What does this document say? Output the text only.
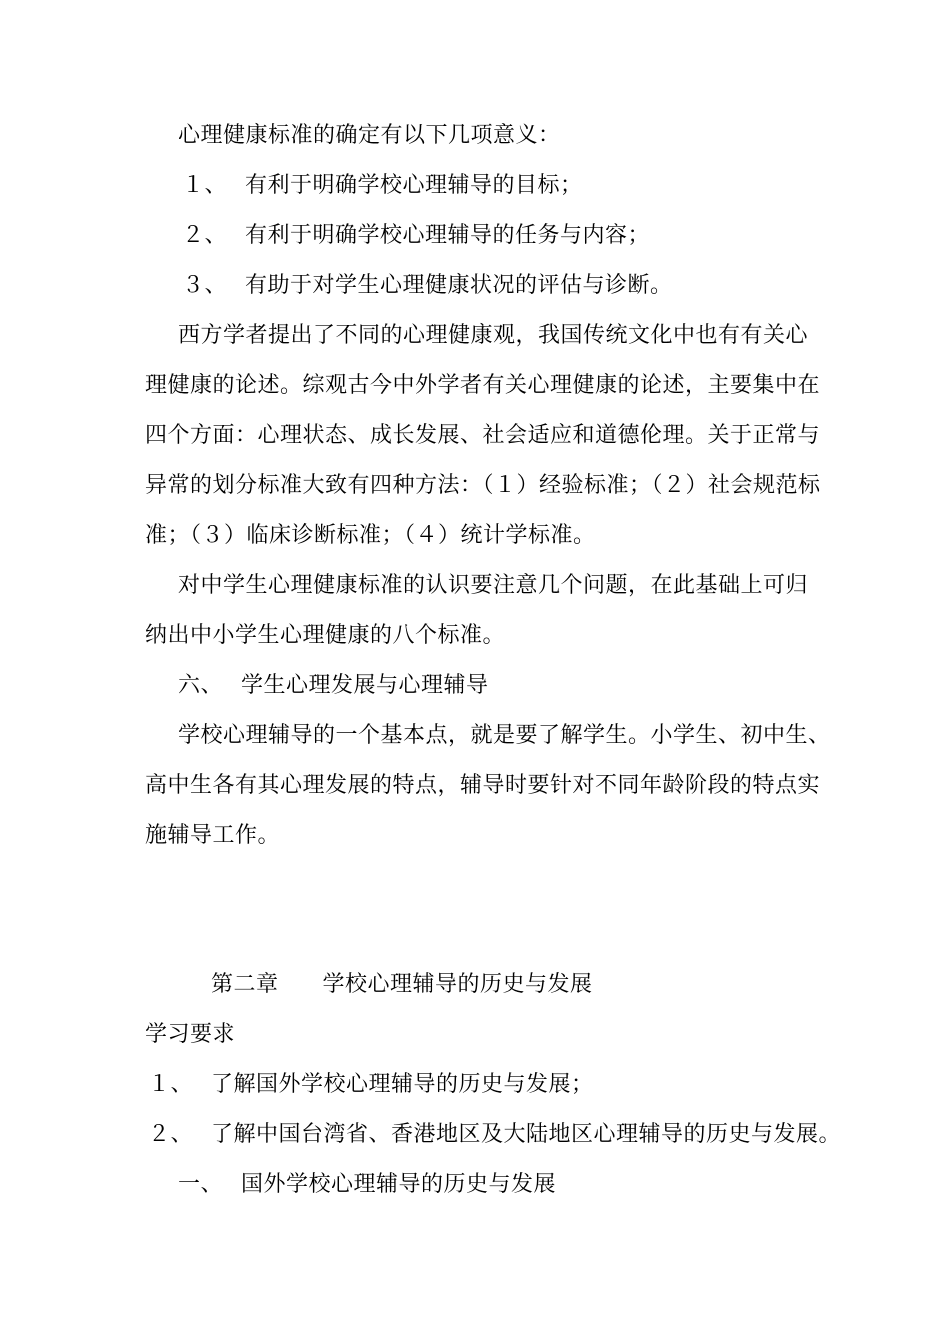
心理健康标准的确定有以下几项意义：
１、 有利于明确学校心理辅导的目标；
２、 有利于明确学校心理辅导的任务与内容；
３、 有助于对学生心理健康状况的评估与诊断。
西方学者提出了不同的心理健康观，我国传统文化中也有有关心
理健康的论述。综观古今中外学者有关心理健康的论述，主要集中在
四个方面：心理状态、成长发展、社会适应和道德伦理。关于正常与
异常的划分标准大致有四种方法：（１）经验标准；（２）社会规范标
准；（３）临床诊断标准；（４）统计学标准。
对中学生心理健康标准的认识要注意几个问题，在此基础上可归
纳出中小学生心理健康的八个标准。
六、 学生心理发展与心理辅导
学校心理辅导的一个基本点，就是要了解学生。小学生、初中生、
高中生各有其心理发展的特点，辅导时要针对不同年龄阶段的特点实
施辅导工作。
第二章 学校心理辅导的历史与发展
学习要求
１、 了解国外学校心理辅导的历史与发展；
２、 了解中国台湾省、香港地区及大陆地区心理辅导的历史与发展。
一、 国外学校心理辅导的历史与发展
